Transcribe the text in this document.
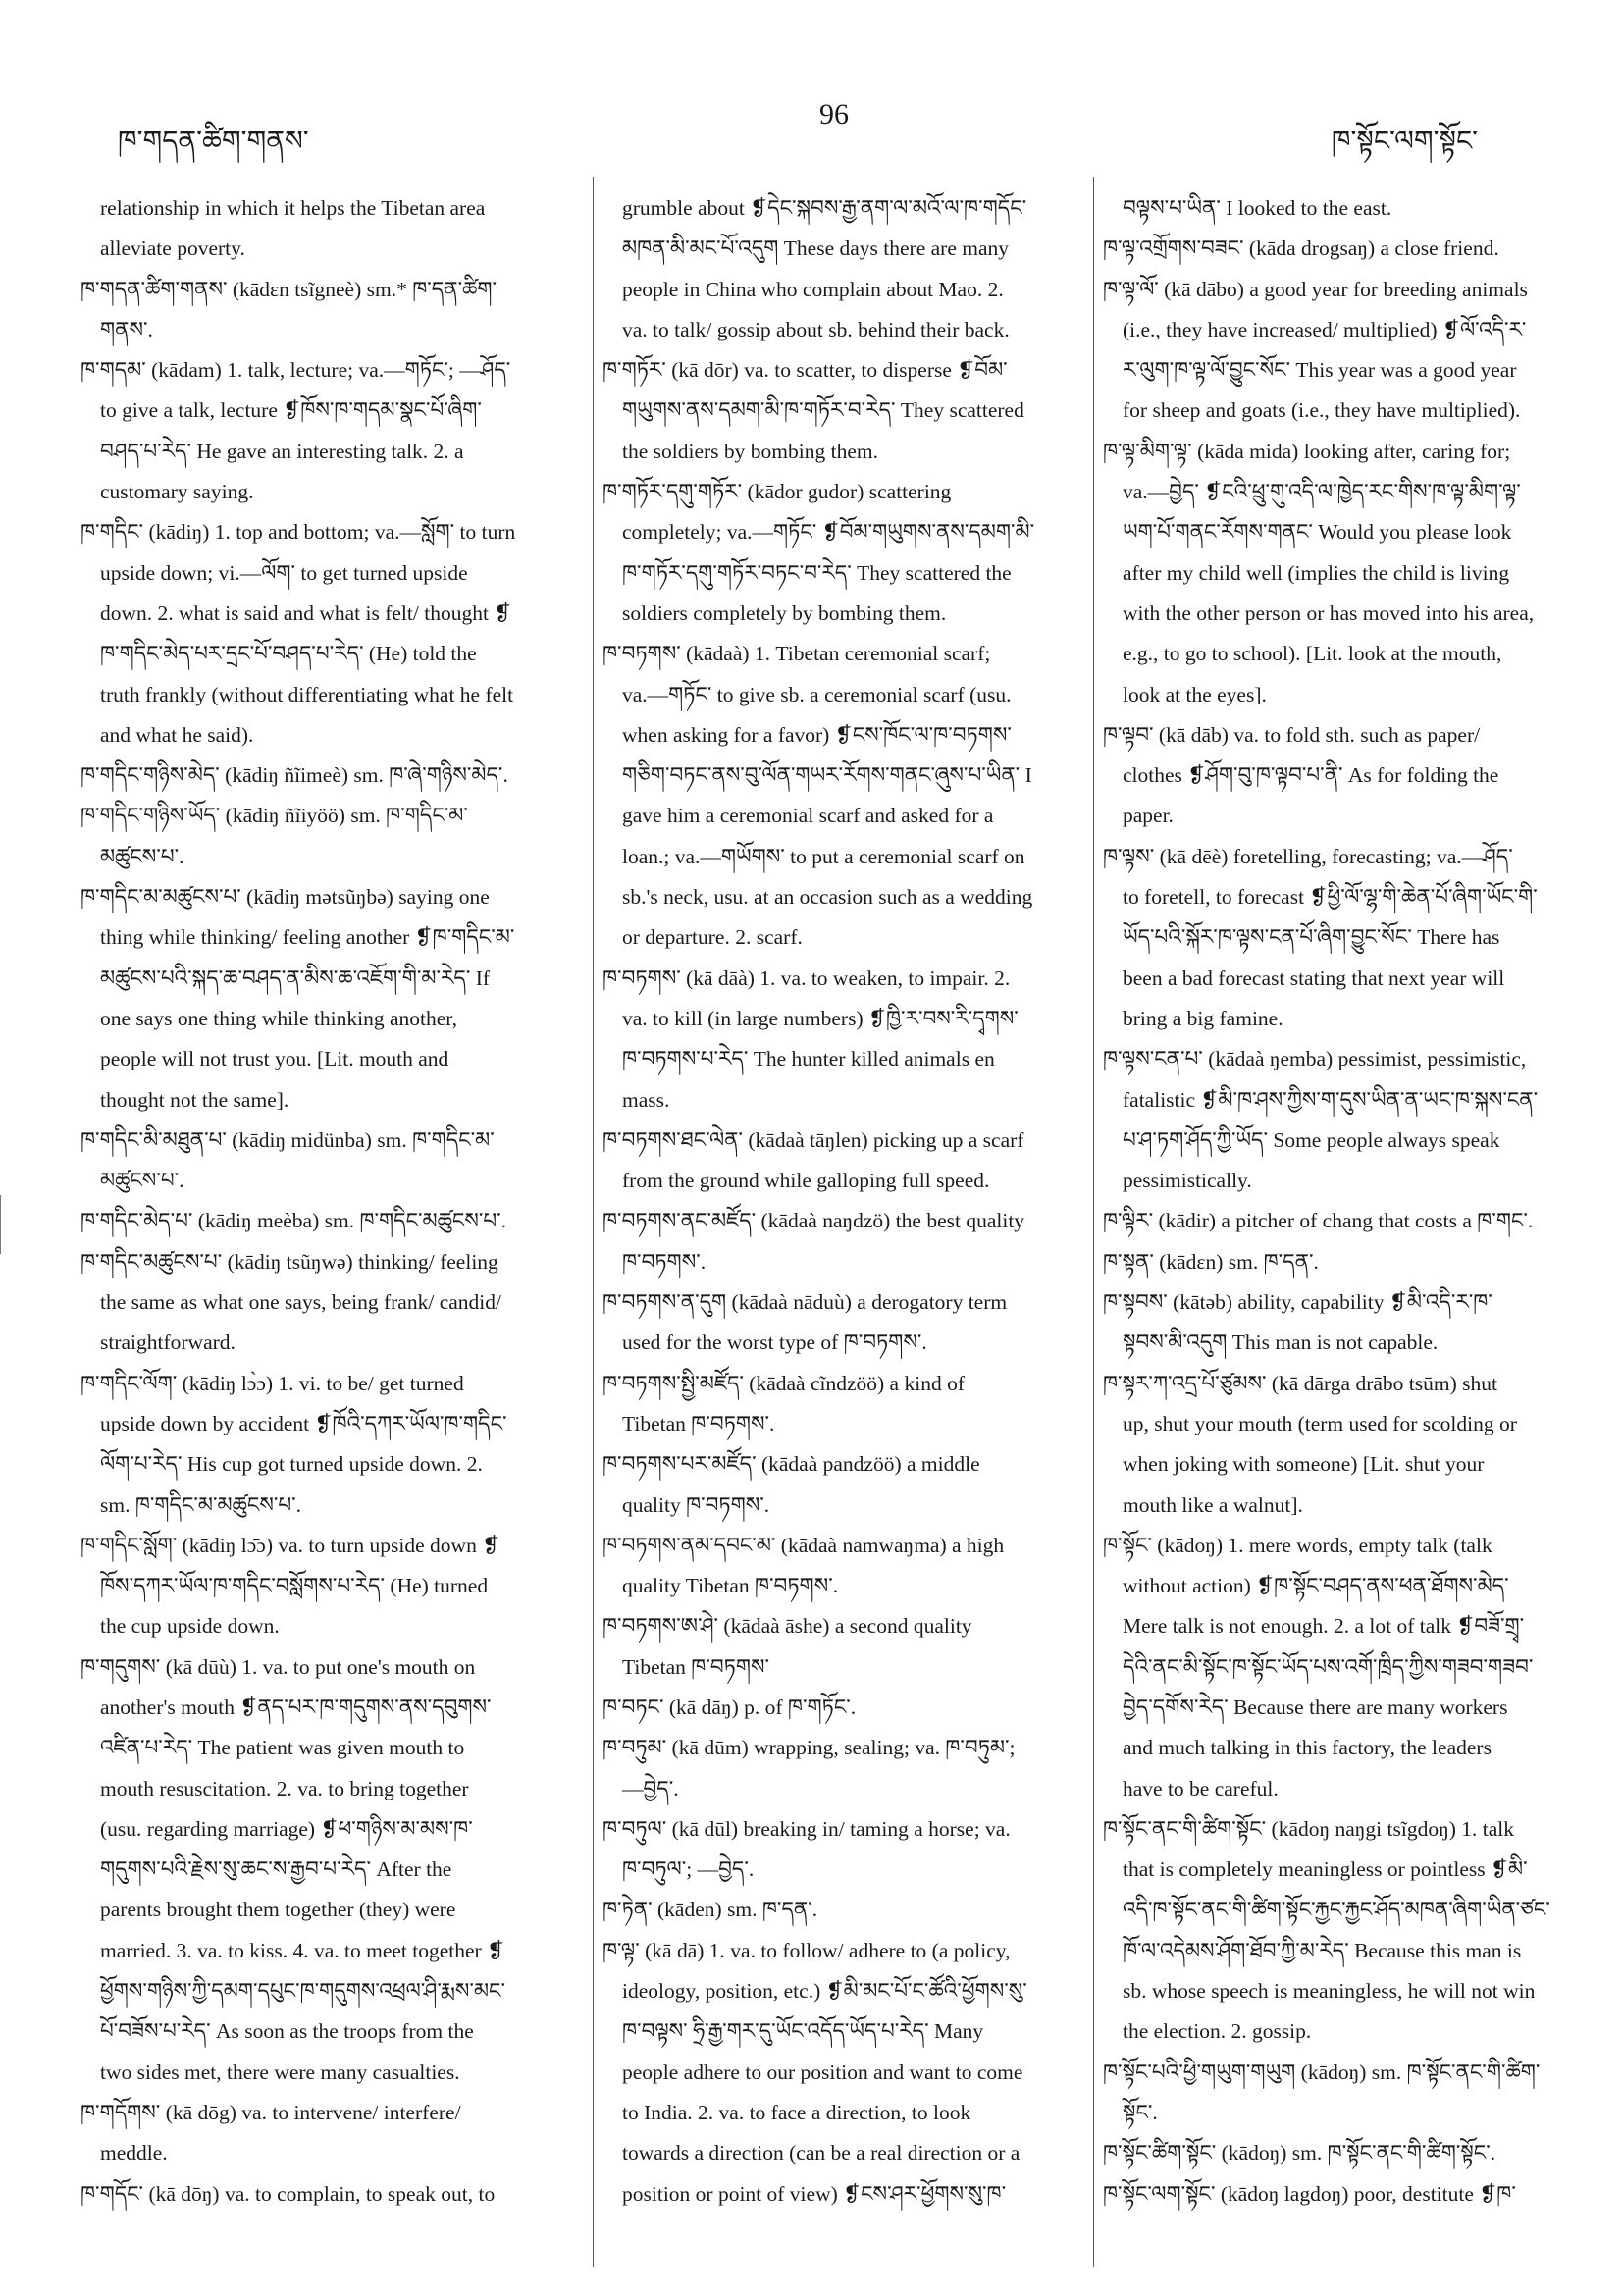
ཁ་གདན་ཚིག་གནས་
96
ཁ་སྟོང་ལག་སྟོང་
relationship in which it helps the Tibetan area
alleviate poverty.
ཁ་གདན་ཚིག་གནས་ (kādɛn tsĩgneè) sm.* ཁ་དན་ཚིག་
གནས་.
ཁ་གདམ་ (kādam) 1. talk, lecture; va.—གཏོང་; —ཤོད་
to give a talk, lecture ❡ཁོས་ཁ་གདམ་སྣང་པོ་ཞིག་
བཤད་པ་རེད་ He gave an interesting talk. 2. a
customary saying.
ཁ་གདིང་ (kādiŋ) 1. top and bottom; va.—སློག་ to turn
upside down; vi.—ལོག་ to get turned upside
down. 2. what is said and what is felt/ thought ❡
ཁ་གདིང་མེད་པར་དྲང་པོ་བཤད་པ་རེད་ (He) told the
truth frankly (without differentiating what he felt
and what he said).
ཁ་གདིང་གཉིས་མེད་ (kādiŋ ñĩimeè) sm. ཁ་ཞེ་གཉིས་མེད་.
ཁ་གདིང་གཉིས་ཡོད་ (kādiŋ ñĩiyöö) sm. ཁ་གདིང་མ་
མཚུངས་པ་.
ཁ་གདིང་མ་མཚུངས་པ་ (kādiŋ mətsũŋbə) saying one
thing while thinking/ feeling another ❡ཁ་གདིང་མ་
མཚུངས་པའི་སྐད་ཆ་བཤད་ན་མིས་ཆ་འཇོག་གི་མ་རེད་ If
one says one thing while thinking another,
people will not trust you. [Lit. mouth and
thought not the same].
ཁ་གདིང་མི་མཐུན་པ་ (kādiŋ midünba) sm. ཁ་གདིང་མ་
མཚུངས་པ་.
ཁ་གདིང་མེད་པ་ (kādiŋ meèba) sm. ཁ་གདིང་མཚུངས་པ་.
ཁ་གདིང་མཚུངས་པ་ (kādiŋ tsũŋwə) thinking/ feeling
the same as what one says, being frank/ candid/
straightforward.
ཁ་གདིང་ལོག་ (kādiŋ lɔ̀ɔ) 1. vi. to be/ get turned
upside down by accident ❡ཁོའི་དཀར་ཡོལ་ཁ་གདིང་
ལོག་པ་རེད་ His cup got turned upside down. 2.
sm. ཁ་གདིང་མ་མཚུངས་པ་.
ཁ་གདིང་སློག་ (kādiŋ lɔ̄ɔ) va. to turn upside down ❡
ཁོས་དཀར་ཡོལ་ཁ་གདིང་བསློགས་པ་རེད་ (He) turned
the cup upside down.
ཁ་གདུགས་ (kā dūù) 1. va. to put one's mouth on
another's mouth ❡ནད་པར་ཁ་གདུགས་ནས་དབུགས་
འཛིན་པ་རེད་ The patient was given mouth to
mouth resuscitation. 2. va. to bring together
(usu. regarding marriage) ❡ཕ་གཉིས་མ་མས་ཁ་
གདུགས་པའི་རྗེས་སུ་ཆང་ས་རྒྱབ་པ་རེད་ After the
parents brought them together (they) were
married. 3. va. to kiss. 4. va. to meet together ❡
ཕྱོགས་གཉིས་ཀྱི་དམག་དཔུང་ཁ་གདུགས་འཕྲལ་ཤི་རྨས་མང་
པོ་བཟོས་པ་རེད་ As soon as the troops from the
two sides met, there were many casualties.
ཁ་གདོགས་ (kā dōg) va. to intervene/ interfere/
meddle.
ཁ་གདོང་ (kā dōŋ) va. to complain, to speak out, to
grumble about ❡དེང་སྐབས་རྒྱ་ནག་ལ་མའོ་ལ་ཁ་གདོང་
མཁན་མི་མང་པོ་འདུག These days there are many
people in China who complain about Mao. 2.
va. to talk/ gossip about sb. behind their back.
ཁ་གཏོར་ (kā dōr) va. to scatter, to disperse ❡བོམ་
གཡུགས་ནས་དམག་མི་ཁ་གཏོར་བ་རེད་ They scattered
the soldiers by bombing them.
ཁ་གཏོར་དགུ་གཏོར་ (kādor gudor) scattering
completely; va.—གཏོང་ ❡བོམ་གཡུགས་ནས་དམག་མི་
ཁ་གཏོར་དགུ་གཏོར་བཏང་བ་རེད་ They scattered the
soldiers completely by bombing them.
ཁ་བཏགས་ (kādaà) 1. Tibetan ceremonial scarf;
va.—གཏོང་ to give sb. a ceremonial scarf (usu.
when asking for a favor) ❡ངས་ཁོང་ལ་ཁ་བཏགས་
གཅིག་བཏང་ནས་བུ་ལོན་གཡར་རོགས་གནང་ཞུས་པ་ཡིན་ I
gave him a ceremonial scarf and asked for a
loan.; va.—གཡོགས་ to put a ceremonial scarf on
sb.'s neck, usu. at an occasion such as a wedding
or departure. 2. scarf.
ཁ་བཏགས་ (kā dāà) 1. va. to weaken, to impair. 2.
va. to kill (in large numbers) ❡ཁྱི་ར་བས་རི་དྭགས་
ཁ་བཏགས་པ་རེད་ The hunter killed animals en
mass.
ཁ་བཏགས་ཐང་ལེན་ (kādaà tāŋlen) picking up a scarf
from the ground while galloping full speed.
ཁ་བཏགས་ནང་མཛོད་ (kādaà naŋdzö) the best quality
ཁ་བཏགས་.
ཁ་བཏགས་ན་དུག (kādaà nāduù) a derogatory term
used for the worst type of ཁ་བཏགས་.
ཁ་བཏགས་སྤྱི་མཛོད་ (kādaà cĩndzöö) a kind of
Tibetan ཁ་བཏགས་.
ཁ་བཏགས་པར་མཛོད་ (kādaà pandzöö) a middle
quality ཁ་བཏགས་.
ཁ་བཏགས་ནམ་དབང་མ་ (kādaà namwaŋma) a high
quality Tibetan ཁ་བཏགས་.
ཁ་བཏགས་ཨ་ཤེ་ (kādaà āshe) a second quality
Tibetan ཁ་བཏགས་
ཁ་བཏང་ (kā dāŋ) p. of ཁ་གཏོང་.
ཁ་བཏུམ་ (kā dūm) wrapping, sealing; va. ཁ་བཏུམ་;
—བྱེད་.
ཁ་བཏུལ་ (kā dūl) breaking in/ taming a horse; va.
ཁ་བཏུལ་; —བྱེད་.
ཁ་ཏེན་ (kāden) sm. ཁ་དན་.
ཁ་ལྟ་ (kā dā) 1. va. to follow/ adhere to (a policy,
ideology, position, etc.) ❡མི་མང་པོ་ང་ཚོའི་ཕྱོགས་སུ་
ཁ་བལྟས་ ཧྲི་རྒྱ་གར་དུ་ཡོང་འདོད་ཡོད་པ་རེད་ Many
people adhere to our position and want to come
to India. 2. va. to face a direction, to look
towards a direction (can be a real direction or a
position or point of view) ❡ངས་ཤར་ཕྱོགས་སུ་ཁ་
བལྟས་པ་ཡིན་ I looked to the east.
ཁ་ལྟ་འགྲོགས་བཟང་ (kāda drogsaŋ) a close friend.
ཁ་ལྟ་ལོ་ (kā dābo) a good year for breeding animals
(i.e., they have increased/ multiplied) ❡ལོ་འདི་ར་
ར་ལུག་ཁ་ལྟ་ལོ་བྱུང་སོང་ This year was a good year
for sheep and goats (i.e., they have multiplied).
ཁ་ལྟ་མིག་ལྟ་ (kāda mida) looking after, caring for;
va.—བྱེད་ ❡ངའི་ཕྲུ་གུ་འདི་ལ་ཁྱེད་རང་གིས་ཁ་ལྟ་མིག་ལྟ་
ཡག་པོ་གནང་རོགས་གནང་ Would you please look
after my child well (implies the child is living
with the other person or has moved into his area,
e.g., to go to school). [Lit. look at the mouth,
look at the eyes].
ཁ་ལྟབ་ (kā dāb) va. to fold sth. such as paper/
clothes ❡ཤོག་བུ་ཁ་ལྟབ་པ་ནི་ As for folding the
paper.
ཁ་ལྟས་ (kā dēè) foretelling, forecasting; va.—ཤོད་
to foretell, to forecast ❡ཕྱི་ལོ་ལྷ་གི་ཆེན་པོ་ཞིག་ཡོང་གི་
ཡོད་པའི་སྐོར་ཁ་ལྟས་ངན་པོ་ཞིག་བྱུང་སོང་ There has
been a bad forecast stating that next year will
bring a big famine.
ཁ་ལྟས་ངན་པ་ (kādaà ŋemba) pessimist, pessimistic,
fatalistic ❡མི་ཁ་ཤས་ཀྱིས་ག་དུས་ཡིན་ན་ཡང་ཁ་སྐས་ངན་
པ་ཤ་ཏག་ཤོད་ཀྱི་ཡོད་ Some people always speak
pessimistically.
ཁ་ལྟིར་ (kādir) a pitcher of chang that costs a ཁ་གང་.
ཁ་སྟན་ (kādɛn) sm. ཁ་དན་.
ཁ་སྟབས་ (kātəb) ability, capability ❡མི་འདི་ར་ཁ་
སྟབས་མི་འདུག This man is not capable.
ཁ་སྟར་ཀ་འདྲ་པོ་ཙུམས་ (kā dārga drābo tsūm) shut
up, shut your mouth (term used for scolding or
when joking with someone) [Lit. shut your
mouth like a walnut].
ཁ་སྟོང་ (kādoŋ) 1. mere words, empty talk (talk
without action) ❡ཁ་སྟོང་བཤད་ནས་ཕན་ཐོགས་མེད་
Mere talk is not enough. 2. a lot of talk ❡བཟོ་གྲྭ་
དེའི་ནང་མི་སྟོང་ཁ་སྟོང་ཡོད་པས་འགོ་ཁྲིད་ཀྱིས་གཟབ་གཟབ་
བྱེད་དགོས་རེད་ Because there are many workers
and much talking in this factory, the leaders
have to be careful.
ཁ་སྟོང་ནང་གི་ཚིག་སྟོང་ (kādoŋ naŋgi tsĩgdoŋ) 1. talk
that is completely meaningless or pointless ❡མི་
འདི་ཁ་སྟོང་ནང་གི་ཚིག་སྟོང་རྐྱང་རྐྱང་ཤོད་མཁན་ཞིག་ཡིན་ཙང་
ཁོ་ལ་འདེམས་ཤོག་ཐོབ་ཀྱི་མ་རེད་ Because this man is
sb. whose speech is meaningless, he will not win
the election. 2. gossip.
ཁ་སྟོང་པའི་ཕྱི་གཡུག་གཡུག (kādoŋ) sm. ཁ་སྟོང་ནང་གི་ཚིག་
སྟོང་.
ཁ་སྟོང་ཚིག་སྟོང་ (kādoŋ) sm. ཁ་སྟོང་ནང་གི་ཚིག་སྟོང་.
ཁ་སྟོང་ལག་སྟོང་ (kādoŋ lagdoŋ) poor, destitute ❡ཁ་
